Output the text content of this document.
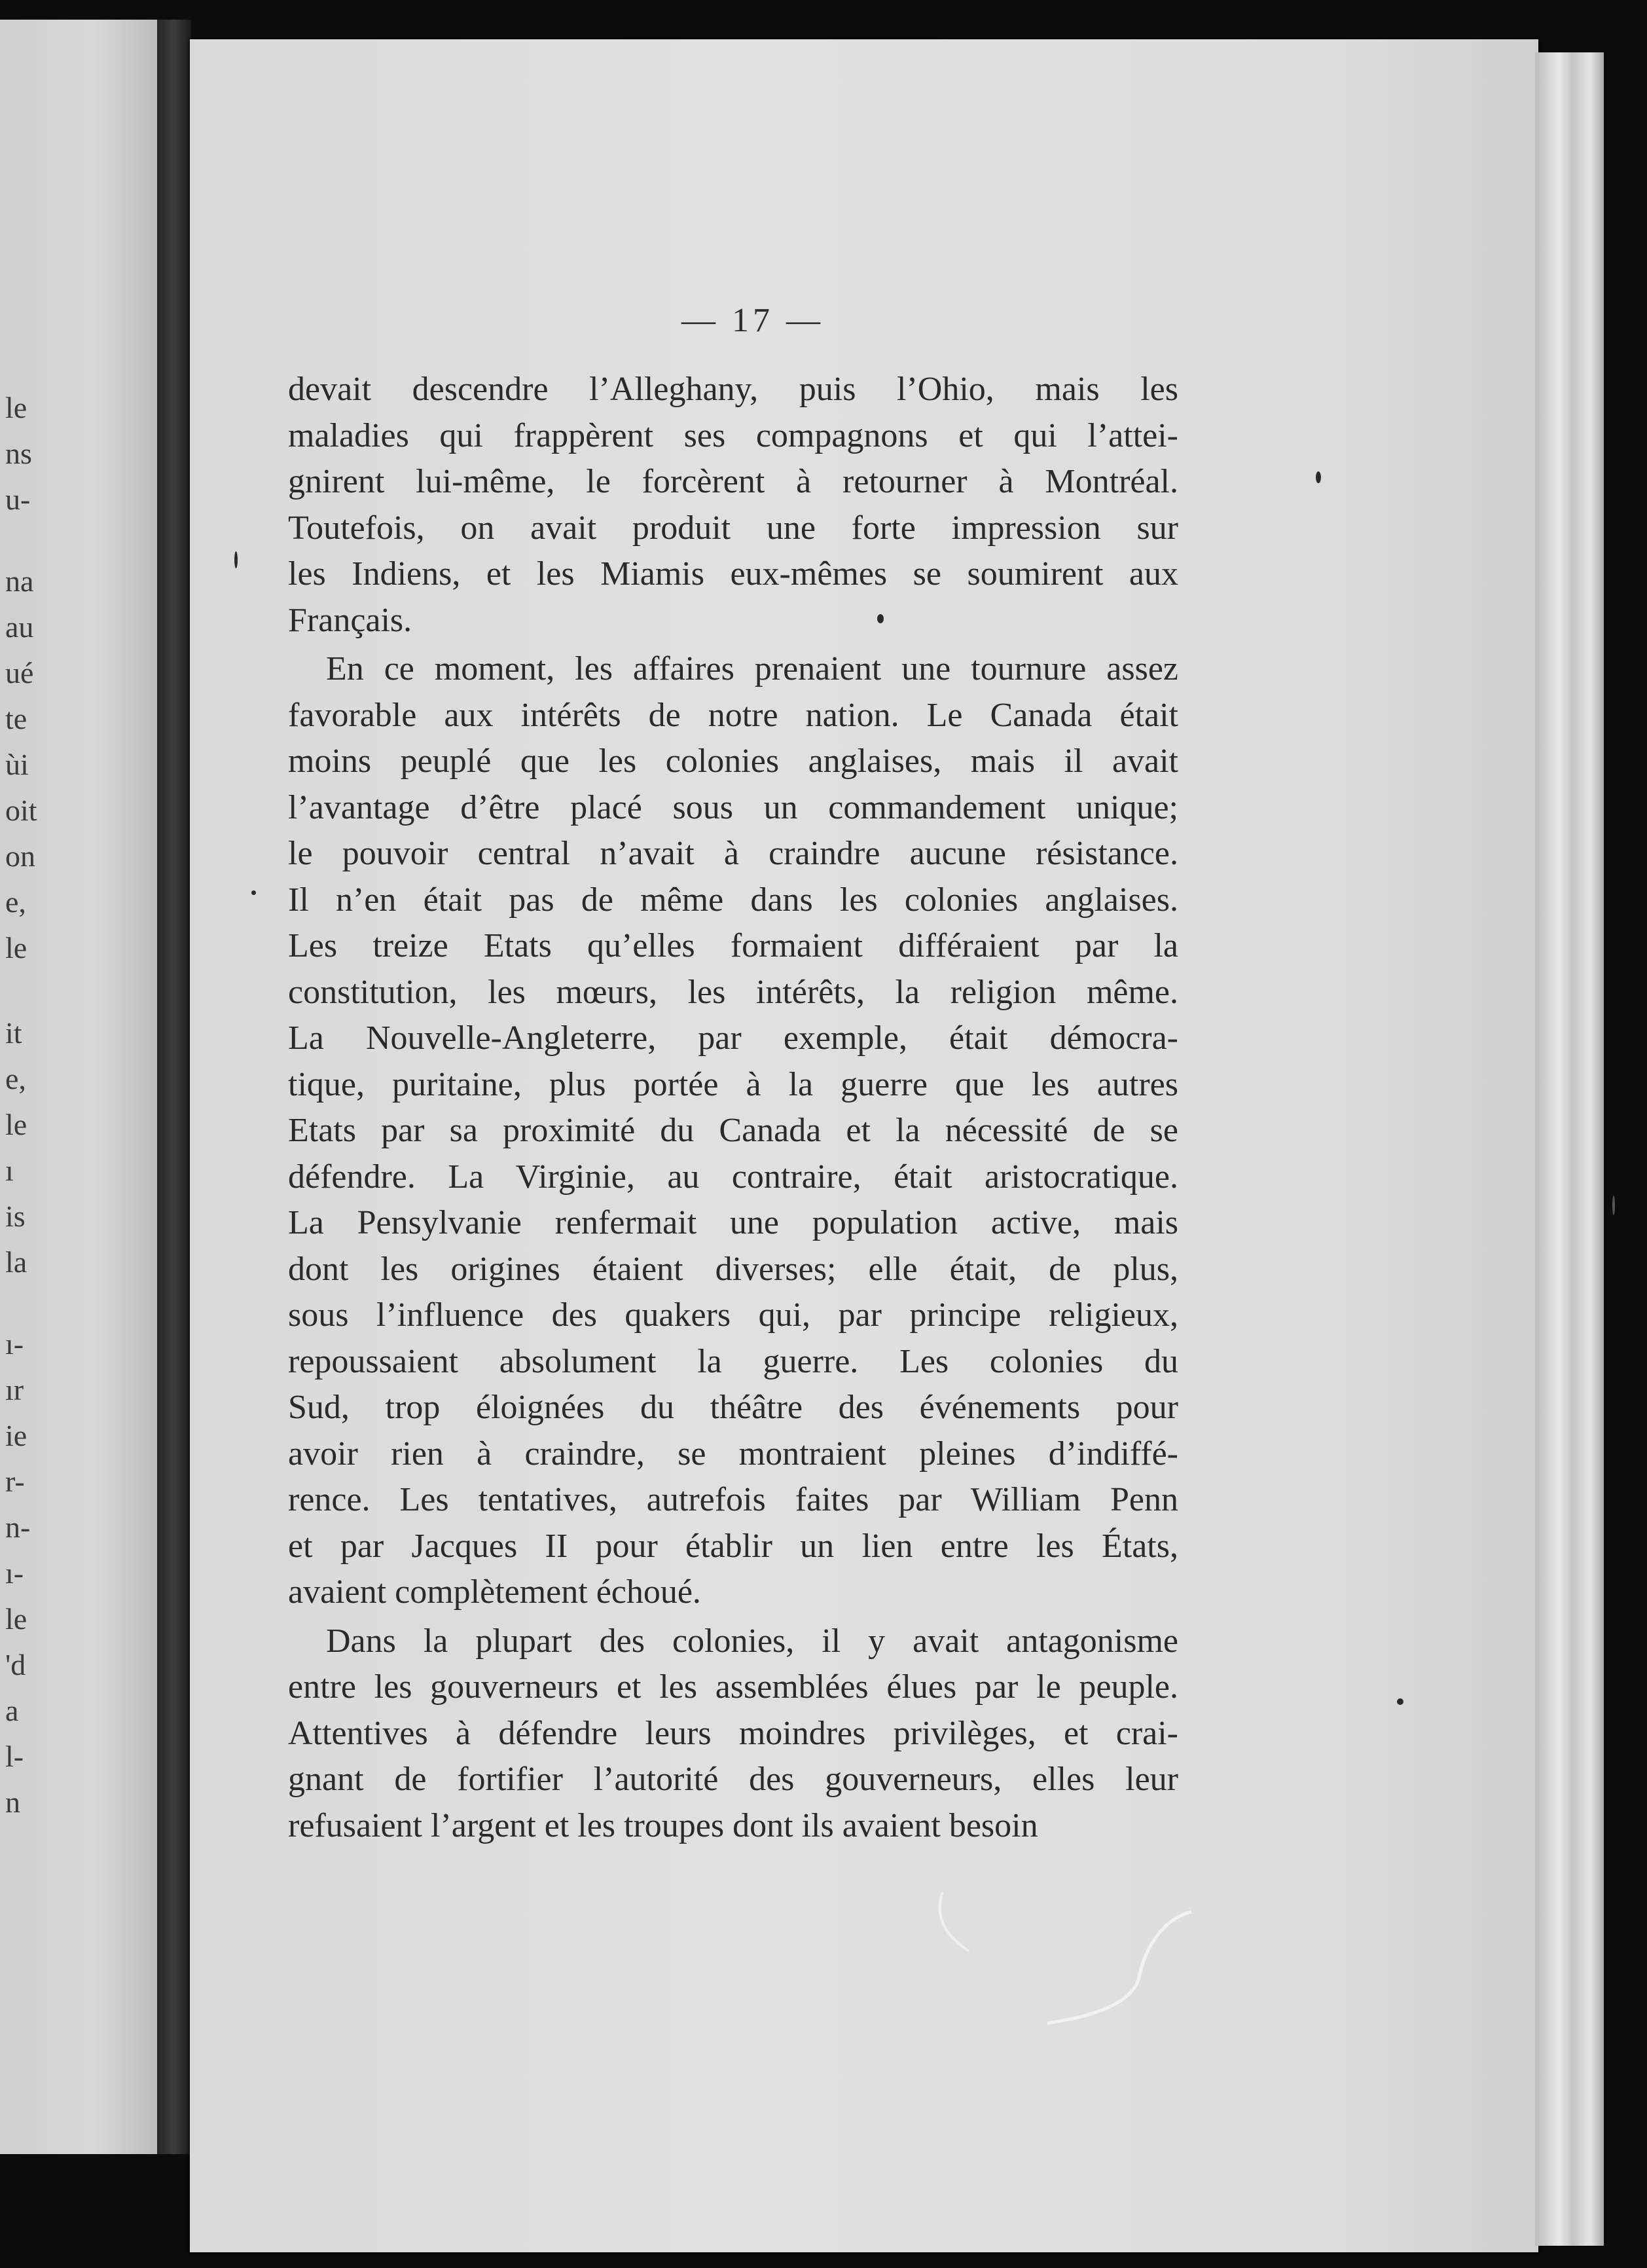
le
ns
u-
na
au
ué
te
ùi
oit
on
e,
le
it
e,
le
ı
is
la
ı-
ır
ie
r-
n-
ı-
le
'd
a
l-
n
— 17 —
devait descendre l’Alleghany, puis l’Ohio, mais les
maladies qui frappèrent ses compagnons et qui l’attei-
gnirent lui-même, le forcèrent à retourner à Montréal.
Toutefois, on avait produit une forte impression sur
les Indiens, et les Miamis eux-mêmes se soumirent aux
Français.
En ce moment, les affaires prenaient une tournure assez
favorable aux intérêts de notre nation. Le Canada était
moins peuplé que les colonies anglaises, mais il avait
l’avantage d’être placé sous un commandement unique;
le pouvoir central n’avait à craindre aucune résistance.
Il n’en était pas de même dans les colonies anglaises.
Les treize Etats qu’elles formaient différaient par la
constitution, les mœurs, les intérêts, la religion même.
La Nouvelle-Angleterre, par exemple, était démocra-
tique, puritaine, plus portée à la guerre que les autres
Etats par sa proximité du Canada et la nécessité de se
défendre. La Virginie, au contraire, était aristocratique.
La Pensylvanie renfermait une population active, mais
dont les origines étaient diverses; elle était, de plus,
sous l’influence des quakers qui, par principe religieux,
repoussaient absolument la guerre. Les colonies du
Sud, trop éloignées du théâtre des événements pour
avoir rien à craindre, se montraient pleines d’indiffé-
rence. Les tentatives, autrefois faites par William Penn
et par Jacques II pour établir un lien entre les États,
avaient complètement échoué.
Dans la plupart des colonies, il y avait antagonisme
entre les gouverneurs et les assemblées élues par le peuple.
Attentives à défendre leurs moindres privilèges, et crai-
gnant de fortifier l’autorité des gouverneurs, elles leur
refusaient l’argent et les troupes dont ils avaient besoin
